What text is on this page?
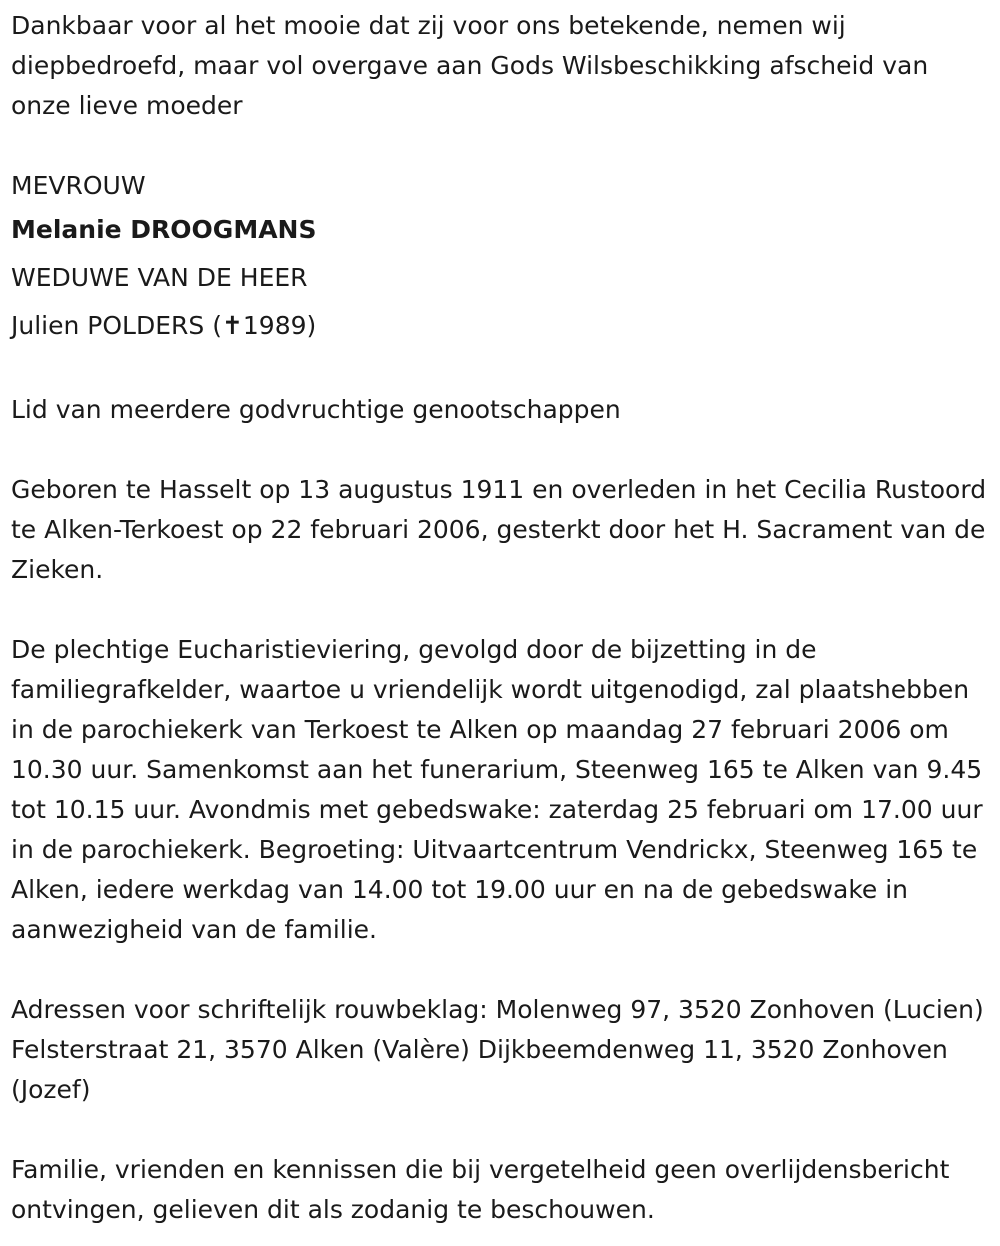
Dankbaar voor al het mooie dat zij voor ons betekende, nemen wij diepbedroefd, maar vol overgave aan Gods Wilsbeschikking afscheid van onze lieve moeder

MEVROUW

Melanie DROOGMANS

WEDUWE VAN DE HEER

Julien POLDERS (✝1989)

Lid van meerdere godvruchtige genootschappen

Geboren te Hasselt op 13 augustus 1911 en overleden in het Cecilia Rustoord te Alken-Terkoest op 22 februari 2006, gesterkt door het H. Sacrament van de Zieken.

De plechtige Eucharistieviering, gevolgd door de bijzetting in de familiegrafkelder, waartoe u vriendelijk wordt uitgenodigd, zal plaatshebben in de parochiekerk van Terkoest te Alken op maandag 27 februari 2006 om 10.30 uur. Samenkomst aan het funerarium, Steenweg 165 te Alken van 9.45 tot 10.15 uur. Avondmis met gebedswake: zaterdag 25 februari om 17.00 uur in de parochiekerk. Begroeting: Uitvaartcentrum Vendrickx, Steenweg 165 te Alken, iedere werkdag van 14.00 tot 19.00 uur en na de gebedswake in aanwezigheid van de familie.

Adressen voor schriftelijk rouwbeklag: Molenweg 97, 3520 Zonhoven (Lucien) Felsterstraat 21, 3570 Alken (Valère) Dijkbeemdenweg 11, 3520 Zonhoven (Jozef)

Familie, vrienden en kennissen die bij vergetelheid geen overlijdensbericht ontvingen, gelieven dit als zodanig te beschouwen.
